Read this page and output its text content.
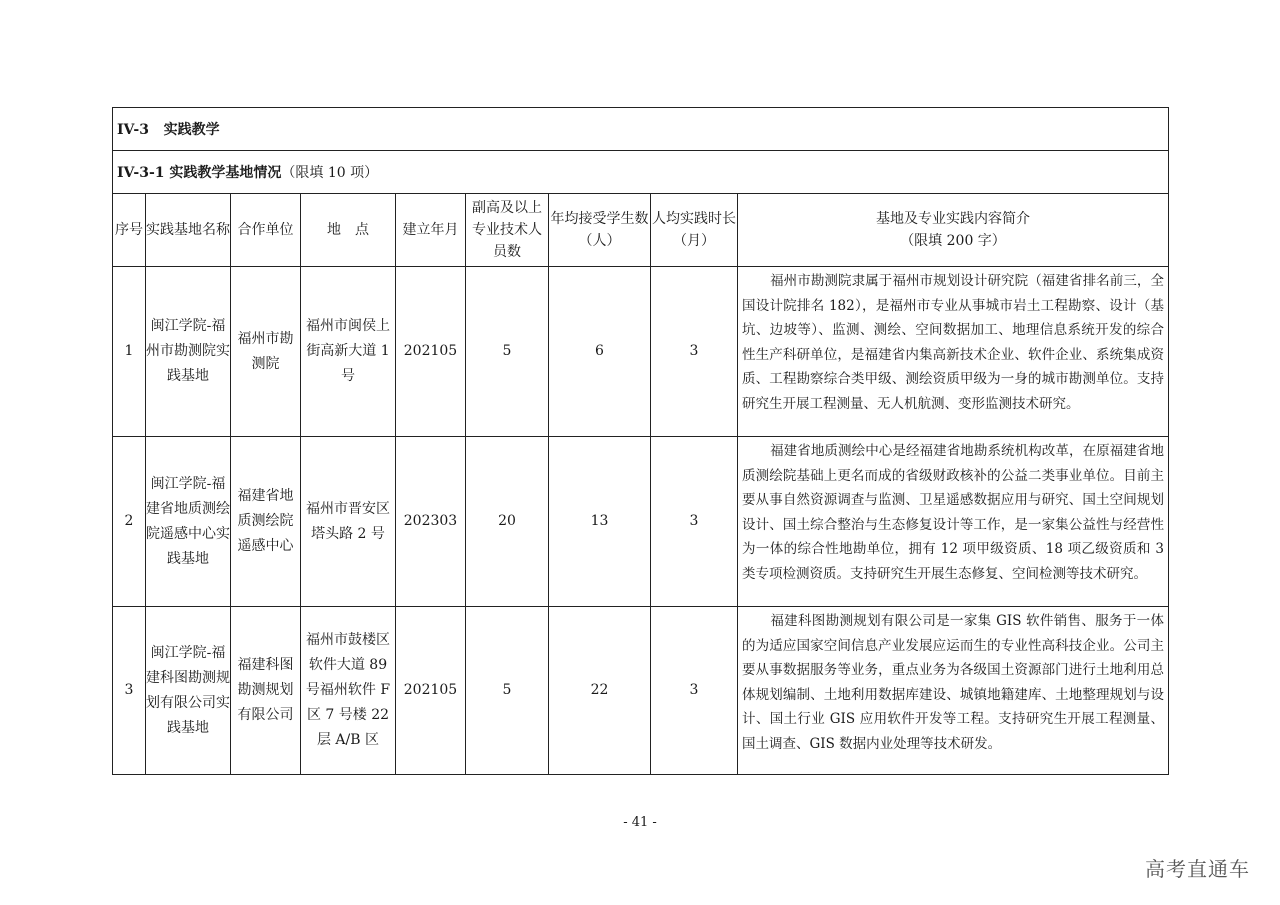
IV-3 实践教学								
IV-3-1 实践教学基地情况（限填 10 项）								
序号	实践基地名称	合作单位	地　点	建立年月	副高及以上专业技术人员数	年均接受学生数（人）	人均实践时长（月）	基地及专业实践内容简介
（限填 200 字）

1	闽江学院-福州市勘测院实践基地	福州市勘测院	福州市闽侯上街高新大道 1 号	202105	5	6	3	福州市勘测院隶属于福州市规划设计研究院（福建省排名前三，全国设计院排名 182），是福州市专业从事城市岩土工程勘察、设计（基坑、边坡等）、监测、测绘、空间数据加工、地理信息系统开发的综合性生产科研单位，是福建省内集高新技术企业、软件企业、系统集成资质、工程勘察综合类甲级、测绘资质甲级为一身的城市勘测单位。支持研究生开展工程测量、无人机航测、变形监测技术研究。
2	闽江学院-福建省地质测绘院遥感中心实践基地	福建省地质测绘院遥感中心	福州市晋安区塔头路 2 号	202303	20	13	3	福建省地质测绘中心是经福建省地勘系统机构改革，在原福建省地质测绘院基础上更名而成的省级财政核补的公益二类事业单位。目前主要从事自然资源调查与监测、卫星遥感数据应用与研究、国土空间规划设计、国土综合整治与生态修复设计等工作，是一家集公益性与经营性为一体的综合性地勘单位，拥有 12 项甲级资质、18 项乙级资质和 3 类专项检测资质。支持研究生开展生态修复、空间检测等技术研究。
3	闽江学院-福建科图勘测规划有限公司实践基地	福建科图勘测规划有限公司	福州市鼓楼区软件大道 89 号福州软件 F 区 7 号楼 22 层 A/B 区	202105	5	22	3	福建科图勘测规划有限公司是一家集 GIS 软件销售、服务于一体的为适应国家空间信息产业发展应运而生的专业性高科技企业。公司主要从事数据服务等业务，重点业务为各级国土资源部门进行土地利用总体规划编制、土地利用数据库建设、城镇地籍建库、土地整理规划与设计、国土行业 GIS 应用软件开发等工程。支持研究生开展工程测量、国土调查、GIS 数据内业处理等技术研发。
- 41 -
高考直通车
